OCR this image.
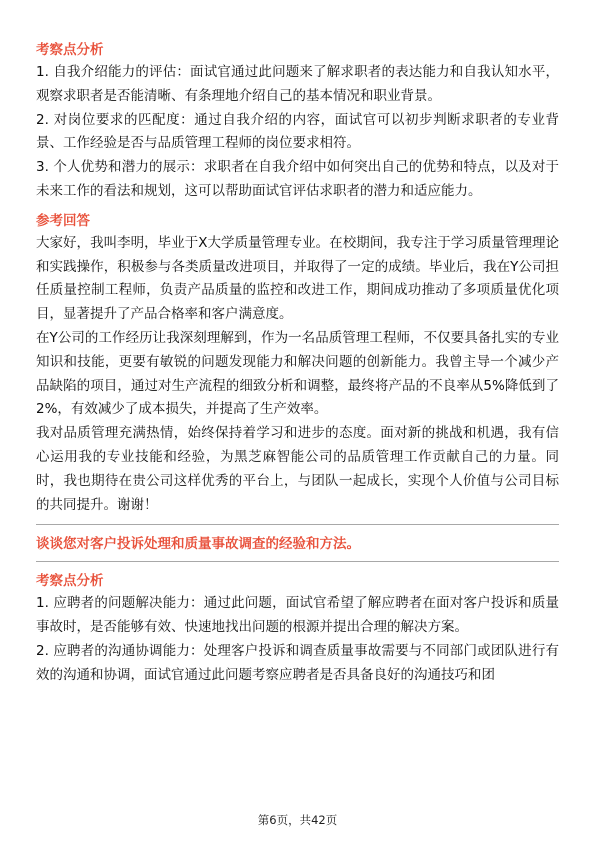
考察点分析

1. 自我介绍能力的评估：面试官通过此问题来了解求职者的表达能力和自我认知水平，观察求职者是否能清晰、有条理地介绍自己的基本情况和职业背景。

2. 对岗位要求的匹配度：通过自我介绍的内容，面试官可以初步判断求职者的专业背景、工作经验是否与品质管理工程师的岗位要求相符。

3. 个人优势和潜力的展示：求职者在自我介绍中如何突出自己的优势和特点，以及对于未来工作的看法和规划，这可以帮助面试官评估求职者的潜力和适应能力。

参考回答

大家好，我叫李明，毕业于X大学质量管理专业。在校期间，我专注于学习质量管理理论和实践操作，积极参与各类质量改进项目，并取得了一定的成绩。毕业后，我在Y公司担任质量控制工程师，负责产品质量的监控和改进工作，期间成功推动了多项质量优化项目，显著提升了产品合格率和客户满意度。

在Y公司的工作经历让我深刻理解到，作为一名品质管理工程师，不仅要具备扎实的专业知识和技能，更要有敏锐的问题发现能力和解决问题的创新能力。我曾主导一个减少产品缺陷的项目，通过对生产流程的细致分析和调整，最终将产品的不良率从5%降低到了2%，有效减少了成本损失，并提高了生产效率。

我对品质管理充满热情，始终保持着学习和进步的态度。面对新的挑战和机遇，我有信心运用我的专业技能和经验，为黑芝麻智能公司的品质管理工作贡献自己的力量。同时，我也期待在贵公司这样优秀的平台上，与团队一起成长，实现个人价值与公司目标的共同提升。谢谢！

谈谈您对客户投诉处理和质量事故调查的经验和方法。

考察点分析

1. 应聘者的问题解决能力：通过此问题，面试官希望了解应聘者在面对客户投诉和质量事故时，是否能够有效、快速地找出问题的根源并提出合理的解决方案。

2. 应聘者的沟通协调能力：处理客户投诉和调查质量事故需要与不同部门或团队进行有效的沟通和协调，面试官通过此问题考察应聘者是否具备良好的沟通技巧和团

第6页，共42页
